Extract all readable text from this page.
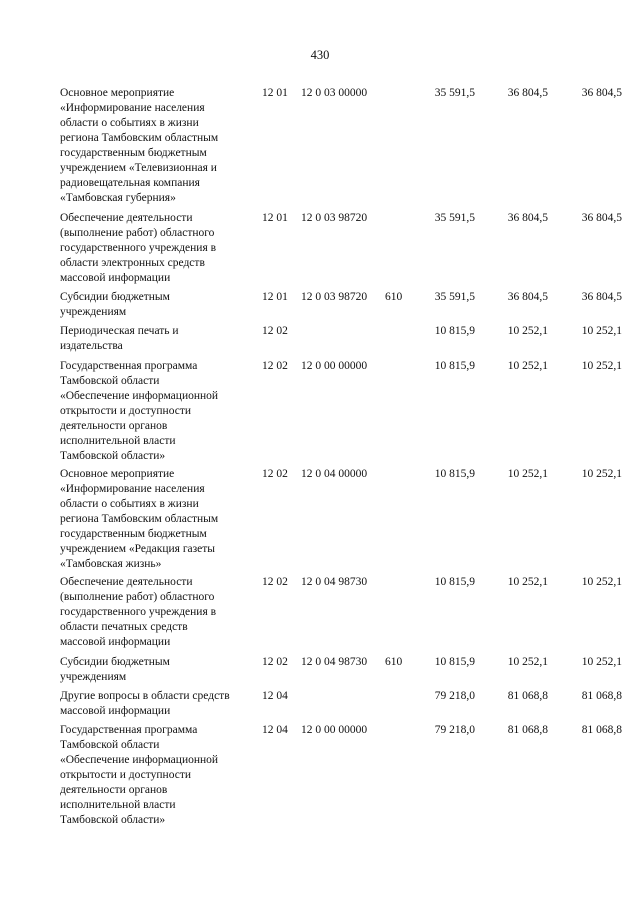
430
Основное мероприятие
«Информирование населения
области о событиях в жизни
региона Тамбовским областным
государственным бюджетным
учреждением «Телевизионная и
радиовещательная компания
«Тамбовская губерния»
12 01 12 0 03 00000	35 591,5	36 804,5	36 804,5
Обеспечение деятельности
(выполнение работ) областного
государственного учреждения в
области электронных средств
массовой информации
12 01 12 0 03 98720	35 591,5	36 804,5	36 804,5
Субсидии бюджетным
учреждениям
12 01 12 0 03 98720 610	35 591,5	36 804,5	36 804,5
Периодическая печать и
издательства
12 02	10 815,9	10 252,1	10 252,1
Государственная программа
Тамбовской области
«Обеспечение информационной
открытости и доступности
деятельности органов
исполнительной власти
Тамбовской области»
12 02 12 0 00 00000	10 815,9	10 252,1	10 252,1
Основное мероприятие
«Информирование населения
области о событиях в жизни
региона Тамбовским областным
государственным бюджетным
учреждением «Редакция газеты
«Тамбовская жизнь»
12 02 12 0 04 00000	10 815,9	10 252,1	10 252,1
Обеспечение деятельности
(выполнение работ) областного
государственного учреждения в
области печатных средств
массовой информации
12 02 12 0 04 98730	10 815,9	10 252,1	10 252,1
Субсидии бюджетным
учреждениям
12 02 12 0 04 98730 610	10 815,9	10 252,1	10 252,1
Другие вопросы в области средств
массовой информации
12 04	79 218,0	81 068,8	81 068,8
Государственная программа
Тамбовской области
«Обеспечение информационной
открытости и доступности
деятельности органов
исполнительной власти
Тамбовской области»
12 04 12 0 00 00000	79 218,0	81 068,8	81 068,8
